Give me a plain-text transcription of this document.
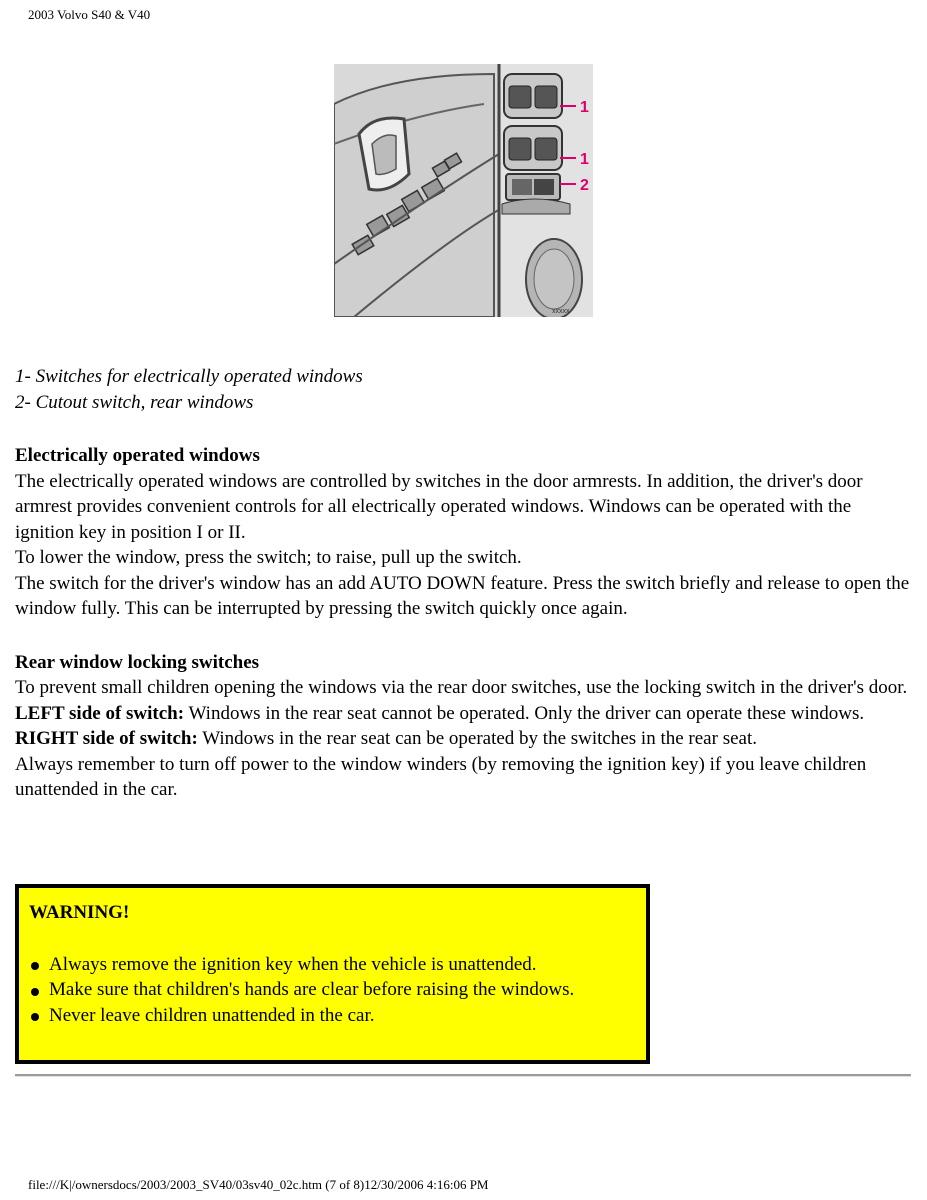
2003 Volvo S40 & V40
1
1
2
xxxxx

1- Switches for electrically operated windows

2- Cutout switch, rear windows

Electrically operated windows

The electrically operated windows are controlled by switches in the door armrests. In addition, the driver's door armrest provides convenient controls for all electrically operated windows. Windows can be operated with the ignition key in position I or II.

To lower the window, press the switch; to raise, pull up the switch.

The switch for the driver's window has an add AUTO DOWN feature. Press the switch briefly and release to open the window fully. This can be interrupted by pressing the switch quickly once again.

Rear window locking switches

To prevent small children opening the windows via the rear door switches, use the locking switch in the driver's door.

LEFT side of switch: Windows in the rear seat cannot be operated. Only the driver can operate these windows.

RIGHT side of switch: Windows in the rear seat can be operated by the switches in the rear seat.

Always remember to turn off power to the window winders (by removing the ignition key) if you leave children unattended in the car.

WARNING!
Always remove the ignition key when the vehicle is unattended.
Make sure that children's hands are clear before raising the windows.
Never leave children unattended in the car.
file:///K|/ownersdocs/2003/2003_SV40/03sv40_02c.htm (7 of 8)12/30/2006 4:16:06 PM
